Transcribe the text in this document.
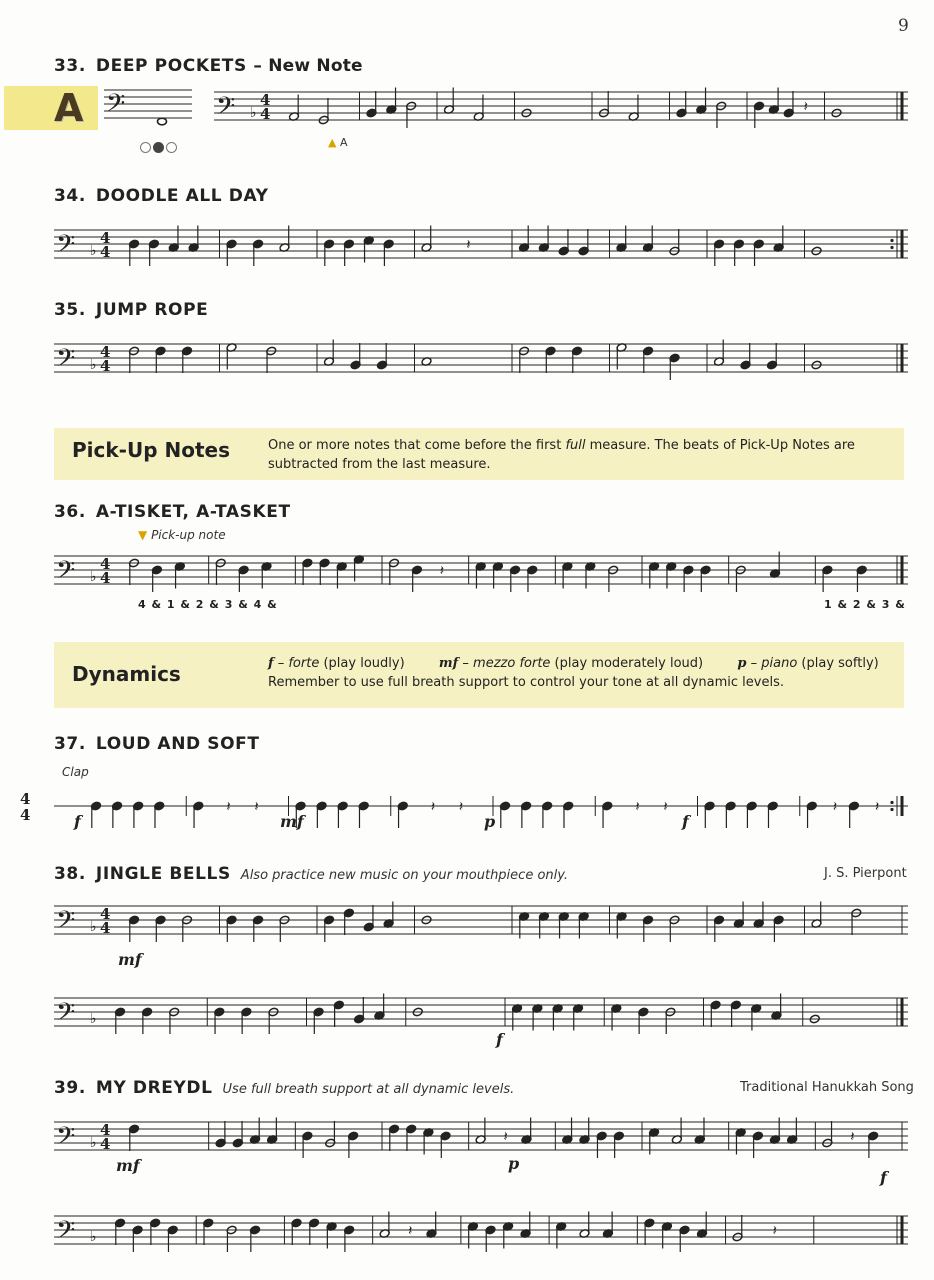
9
33. DEEP POCKETS – New Note
A 𝄢	𝄢 ♭
4
4	𝄽
▲ A
34. DOODLE ALL DAY
𝄢 ♭
4
4	𝄽
35. JUMP ROPE
𝄢 ♭
4
4
Pick-Up Notes	One or more notes that come before the first full measure. The beats of Pick-Up Notes are subtracted from the last measure.
36. A-TISKET, A-TASKET
▼ Pick-up note
𝄢 ♭
4
4	𝄽
4 & 1 & 2 & 3 & 4 &	1 & 2 & 3 &
Dynamics	f – forte (play loudly)	mf – mezzo forte (play moderately loud)	p – piano (play softly)
Remember to use full breath support to control your tone at all dynamic levels.
37. LOUD AND SOFT
Clap
4
4	𝄽 𝄽	𝄽 𝄽	𝄽 𝄽	𝄽	𝄽
f	mf	p	f
38. JINGLE BELLS Also practice new music on your mouthpiece only.	J. S. Pierpont
𝄢 ♭
4
4
mf
𝄢 ♭
f
39. MY DREYDL Use full breath support at all dynamic levels.	Traditional Hanukkah Song
𝄢 ♭
4
4	𝄽	𝄽
mf	p
f
𝄢 ♭	𝄽	𝄽
